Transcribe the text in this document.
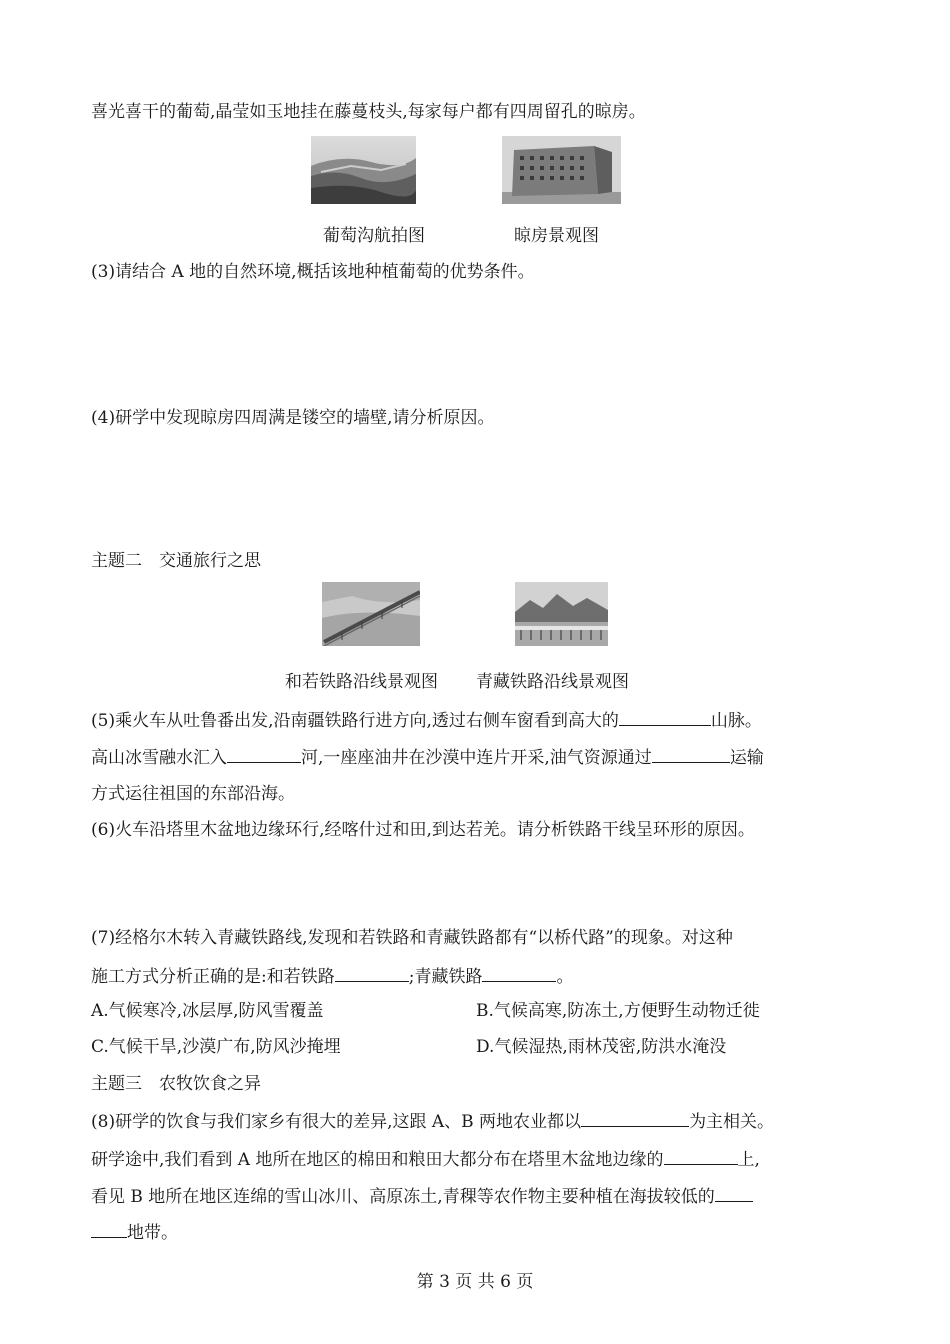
喜光喜干的葡萄,晶莹如玉地挂在藤蔓枝头,每家每户都有四周留孔的晾房。
葡萄沟航拍图	晾房景观图
(3)请结合 A 地的自然环境,概括该地种植葡萄的优势条件。
(4)研学中发现晾房四周满是镂空的墙壁,请分析原因。
主题二　交通旅行之思
和若铁路沿线景观图 青藏铁路沿线景观图
(5)乘火车从吐鲁番出发,沿南疆铁路行进方向,透过右侧车窗看到高大的	山脉。
高山冰雪融水汇入	河,一座座油井在沙漠中连片开采,油气资源通过	运输
方式运往祖国的东部沿海。
(6)火车沿塔里木盆地边缘环行,经喀什过和田,到达若羌。请分析铁路干线呈环形的原因。
(7)经格尔木转入青藏铁路线,发现和若铁路和青藏铁路都有“以桥代路”的现象。对这种
施工方式分析正确的是:和若铁路	;青藏铁路	。
A.气候寒冷,冰层厚,防风雪覆盖	B.气候高寒,防冻土,方便野生动物迁徙
C.气候干旱,沙漠广布,防风沙掩埋	D.气候湿热,雨林茂密,防洪水淹没
主题三　农牧饮食之异
(8)研学的饮食与我们家乡有很大的差异,这跟 A、B 两地农业都以	为主相关。
研学途中,我们看到 A 地所在地区的棉田和粮田大都分布在塔里木盆地边缘的	上,
看见 B 地所在地区连绵的雪山冰川、高原冻土,青稞等农作物主要种植在海拔较低的
地带。
第 3 页 共 6 页
